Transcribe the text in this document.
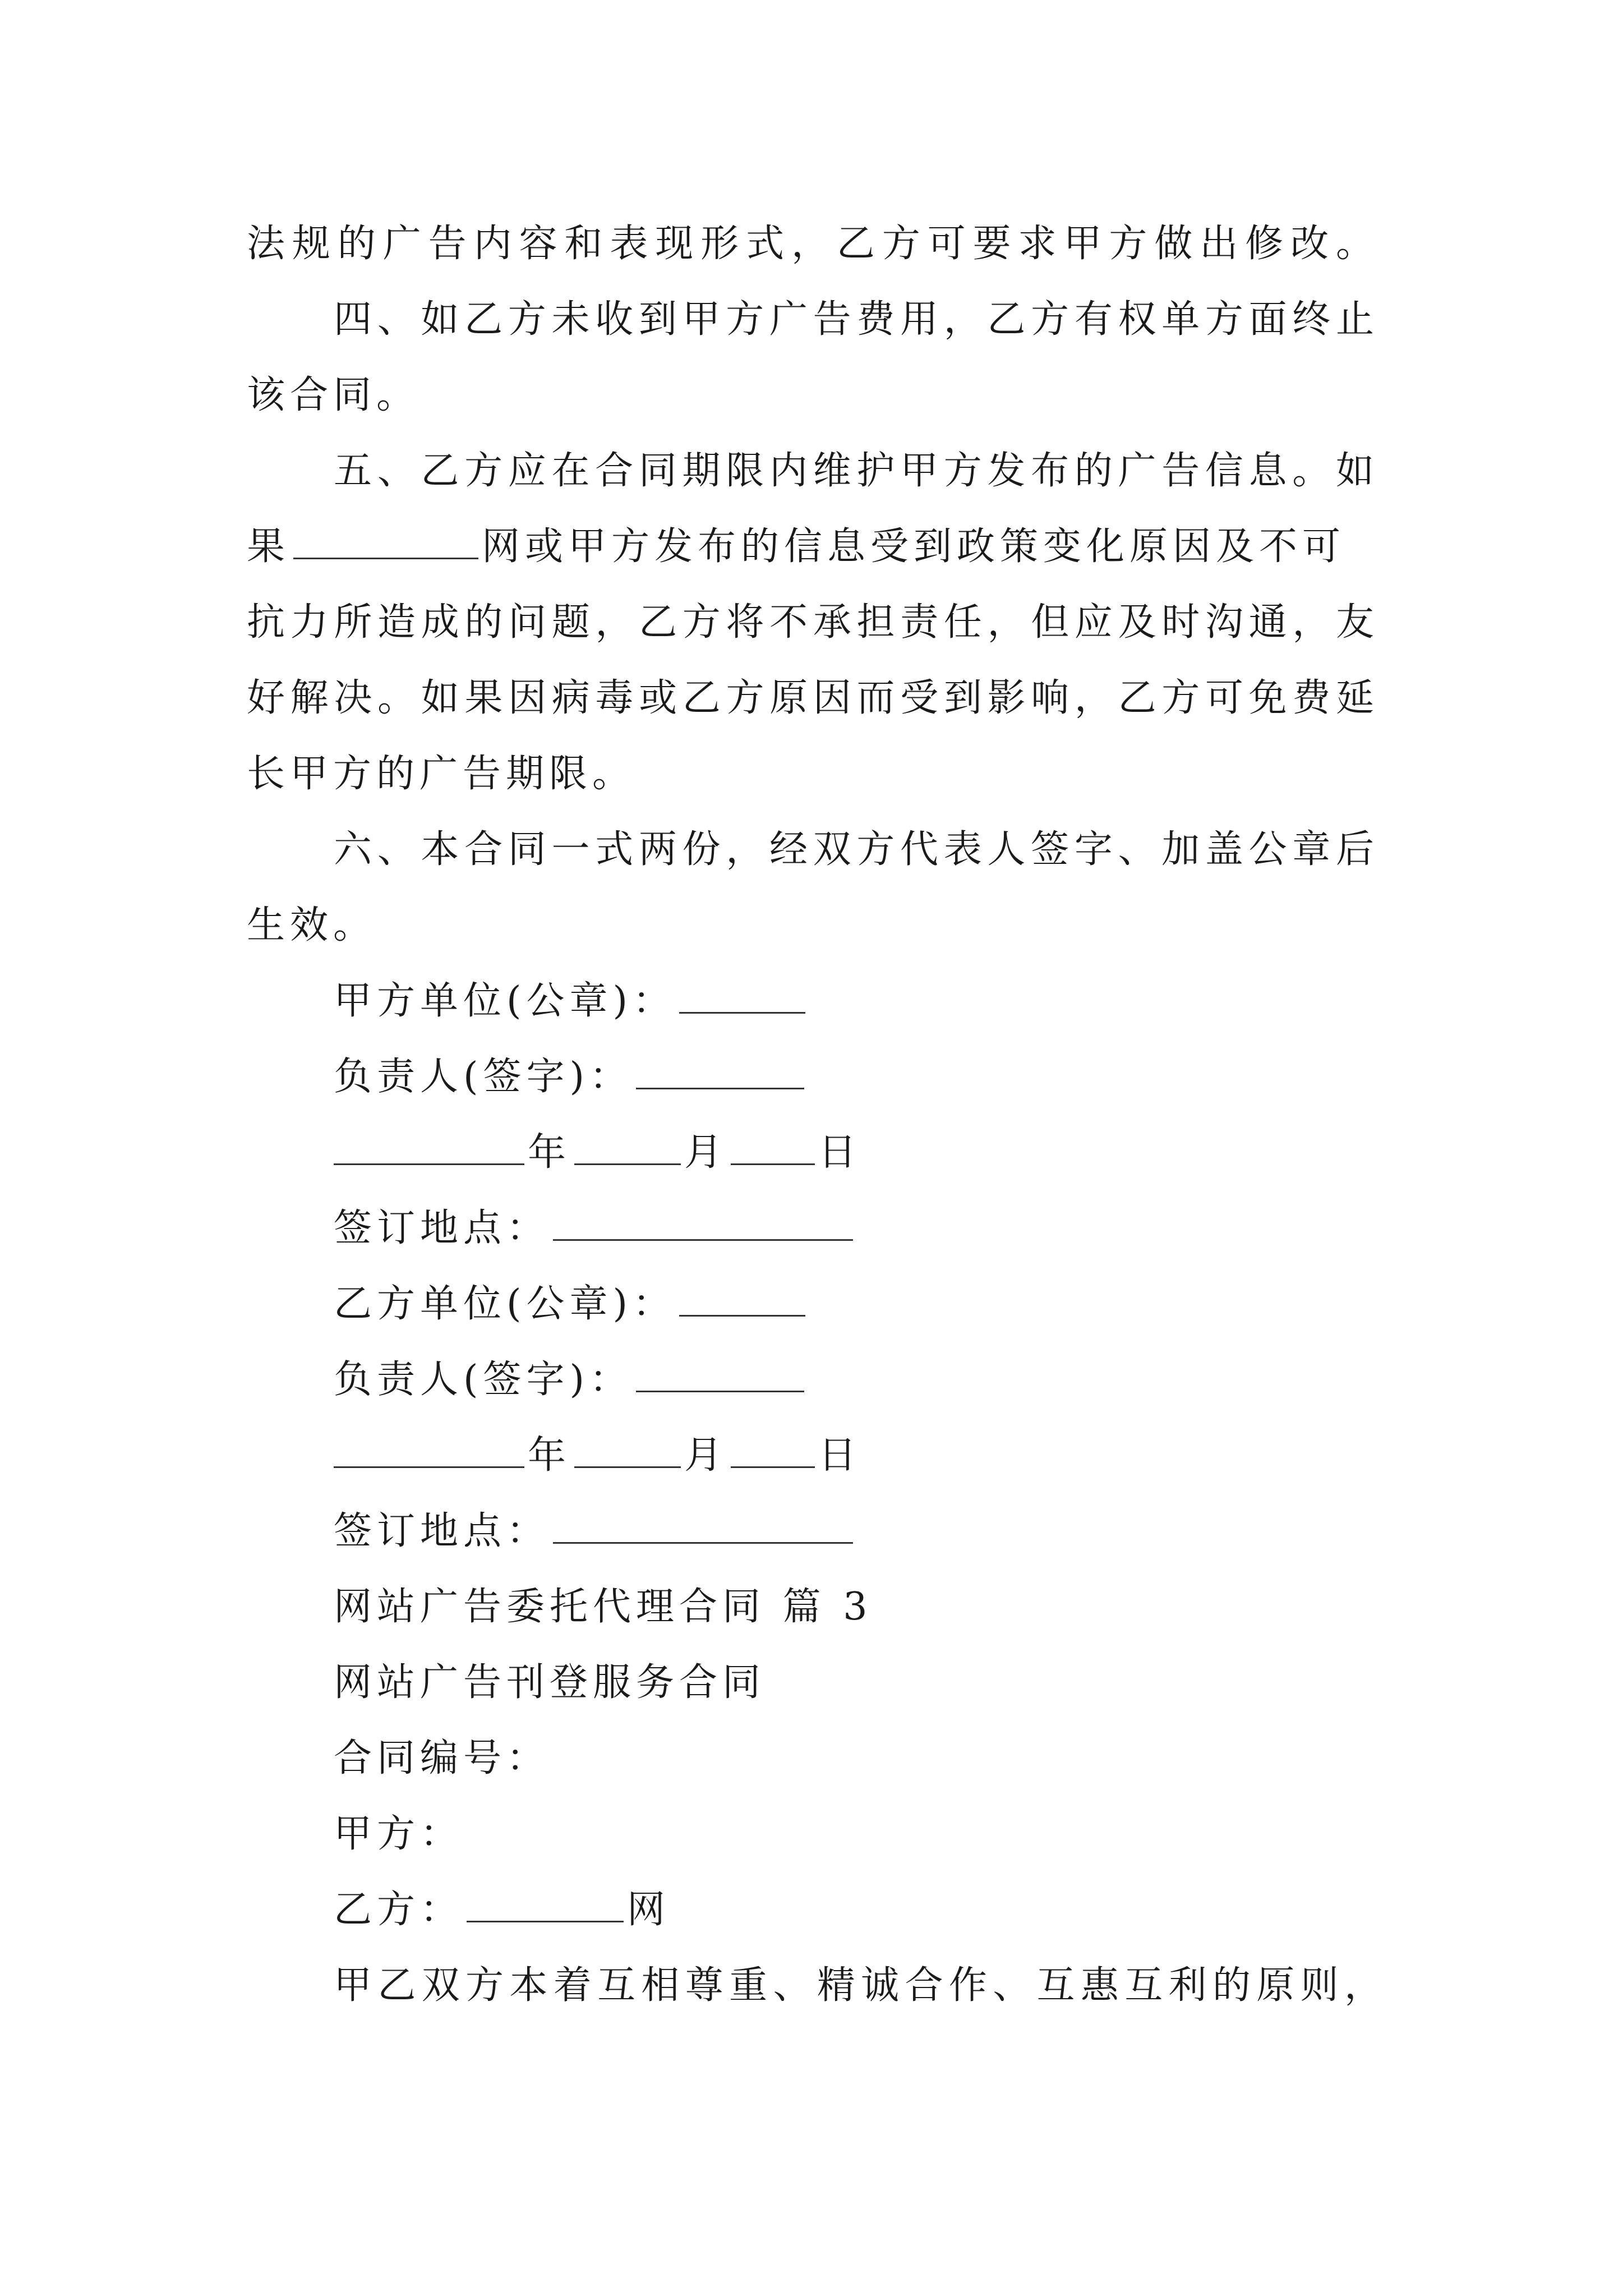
法规的广告内容和表现形式，乙方可要求甲方做出修改。
四、如乙方未收到甲方广告费用，乙方有权单方面终止
该合同。
五、乙方应在合同期限内维护甲方发布的广告信息。如
果	网或甲方发布的信息受到政策变化原因及不可
抗力所造成的问题，乙方将不承担责任，但应及时沟通，友
好解决。如果因病毒或乙方原因而受到影响，乙方可免费延
长甲方的广告期限。
六、本合同一式两份，经双方代表人签字、加盖公章后
生效。
甲方单位(公章)：
负责人(签字)：
年	月 日
签订地点：
乙方单位(公章)：
负责人(签字)：
年	月 日
签订地点：
网站广告委托代理合同 篇 3
网站广告刊登服务合同
合同编号：
甲方：
乙方：	网
甲乙双方本着互相尊重、精诚合作、互惠互利的原则，
